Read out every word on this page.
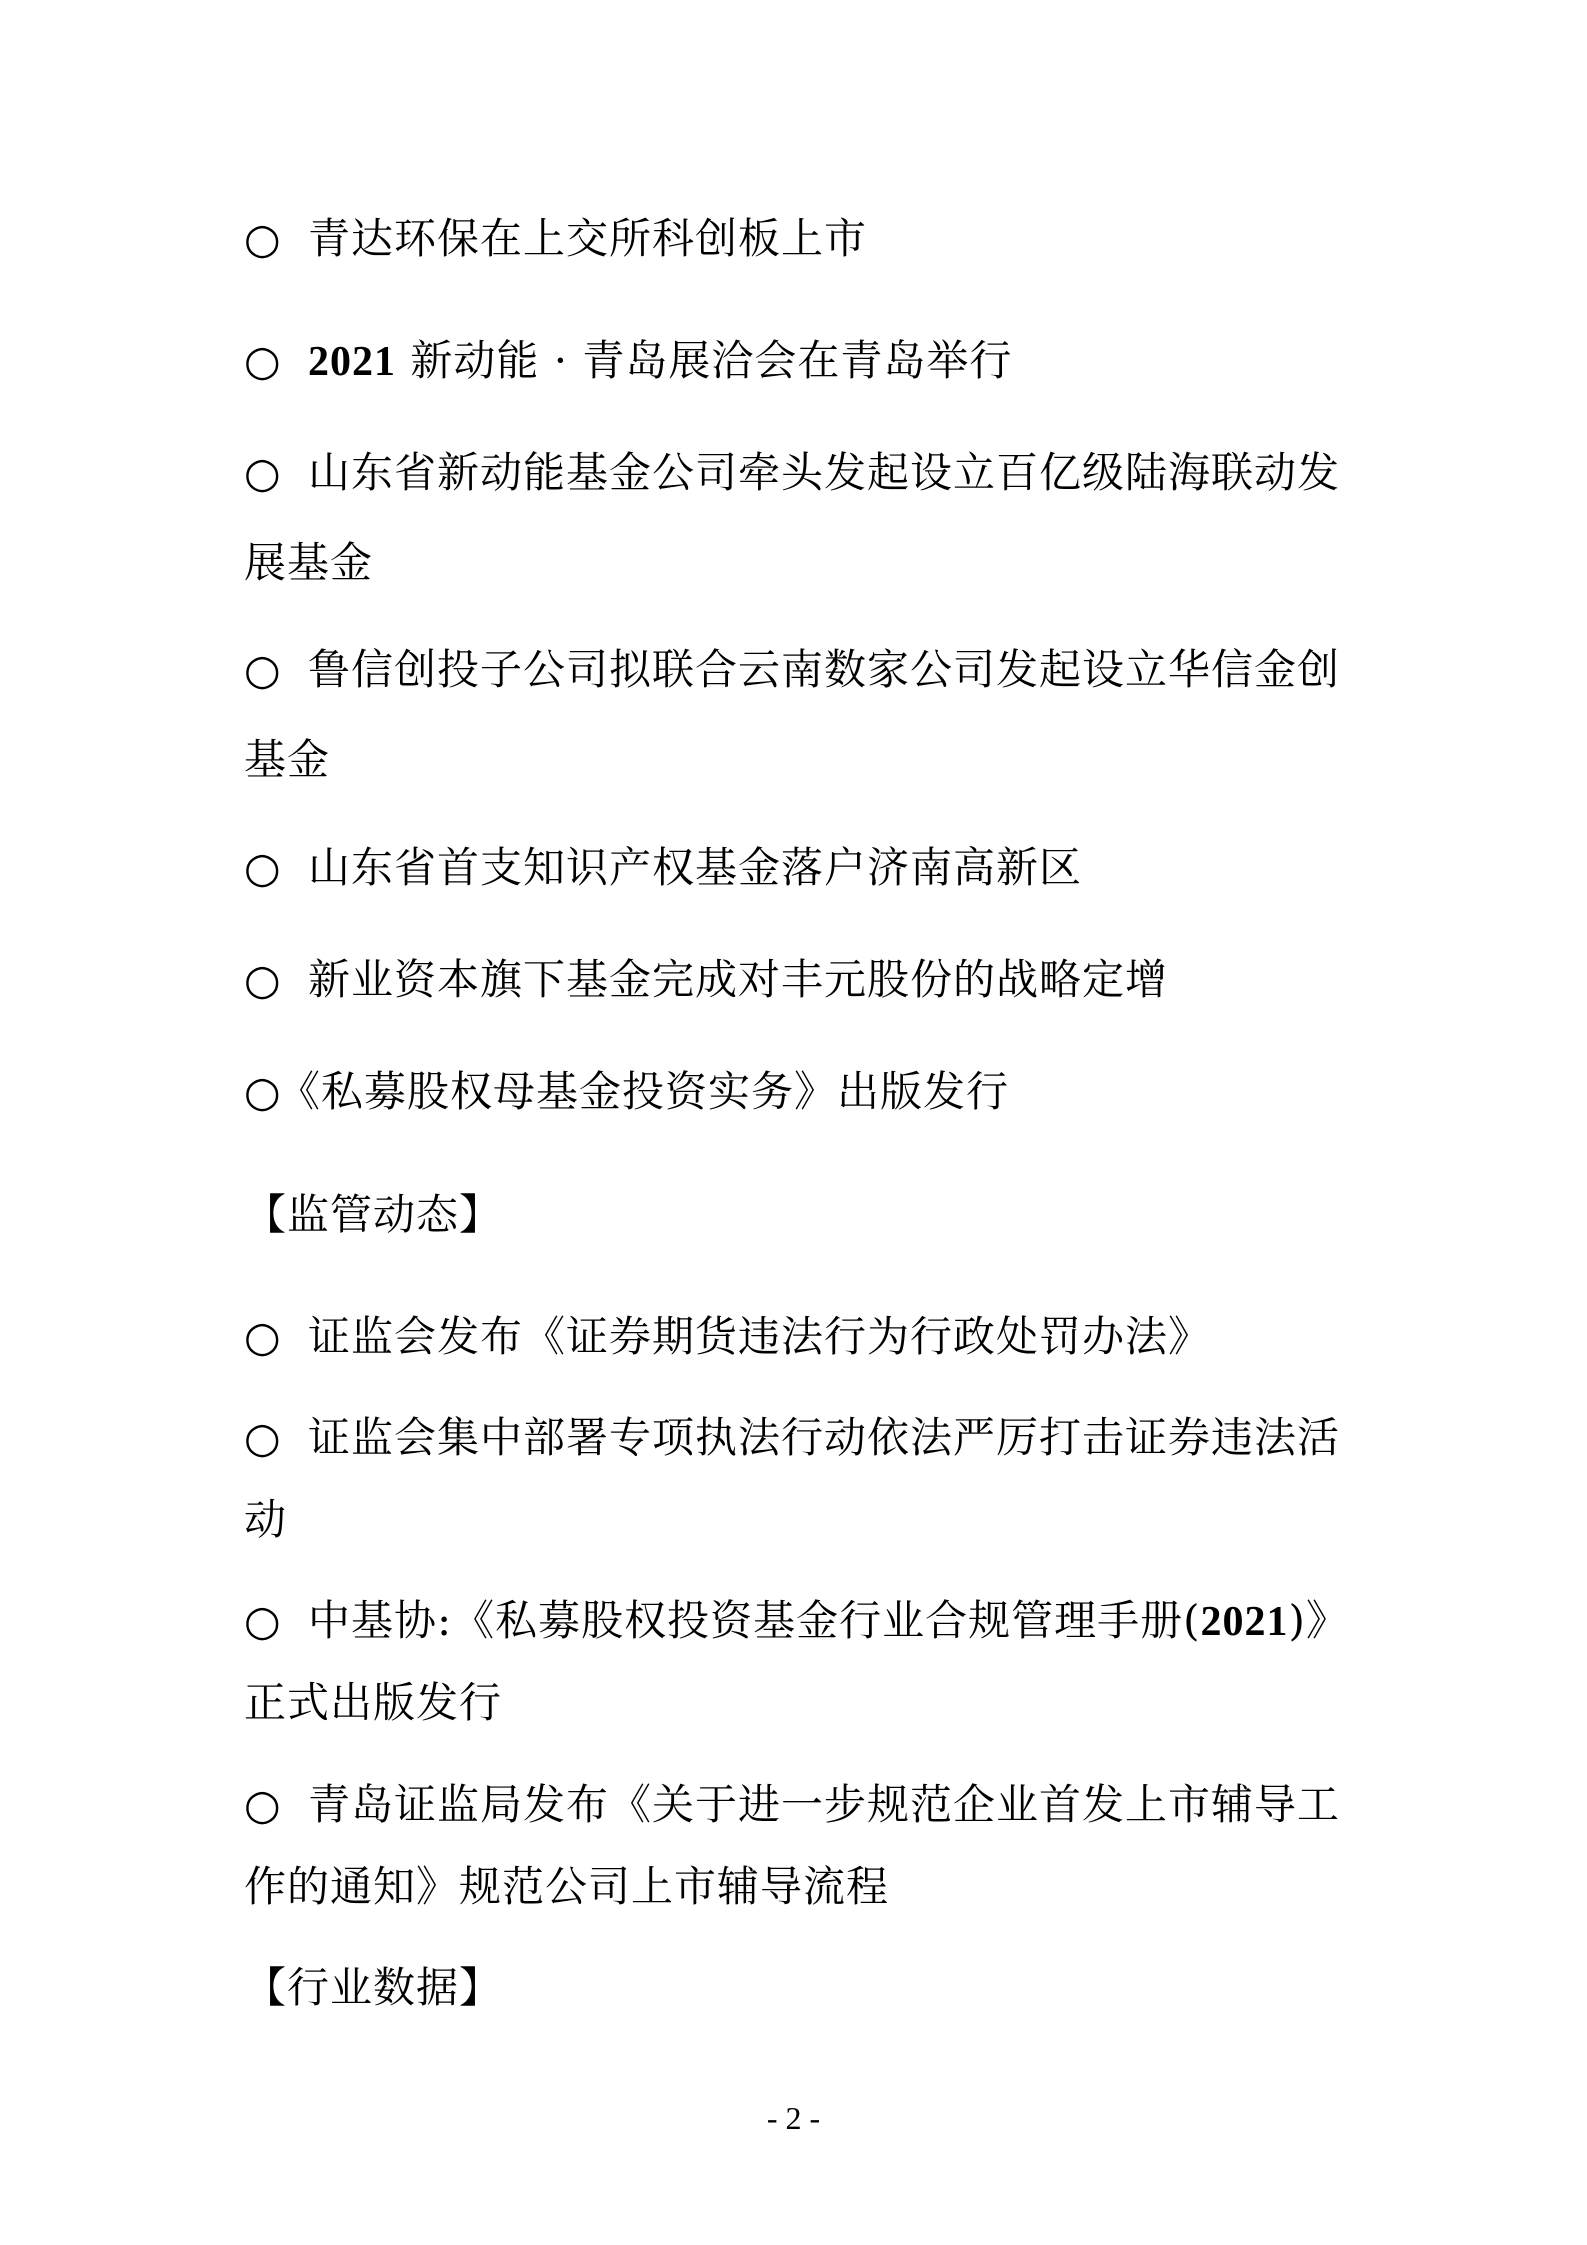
○ 青达环保在上交所科创板上市
○ 2021 新动能 · 青岛展洽会在青岛举行
○ 山东省新动能基金公司牵头发起设立百亿级陆海联动发
展基金
○ 鲁信创投子公司拟联合云南数家公司发起设立华信金创
基金
○ 山东省首支知识产权基金落户济南高新区
○ 新业资本旗下基金完成对丰元股份的战略定增
○《私募股权母基金投资实务》出版发行
【监管动态】
○ 证监会发布《证券期货违法行为行政处罚办法》
○ 证监会集中部署专项执法行动依法严厉打击证券违法活
动
○ 中基协:《私募股权投资基金行业合规管理手册(2021)》
正式出版发行
○ 青岛证监局发布《关于进一步规范企业首发上市辅导工
作的通知》规范公司上市辅导流程
【行业数据】
- 2 -
